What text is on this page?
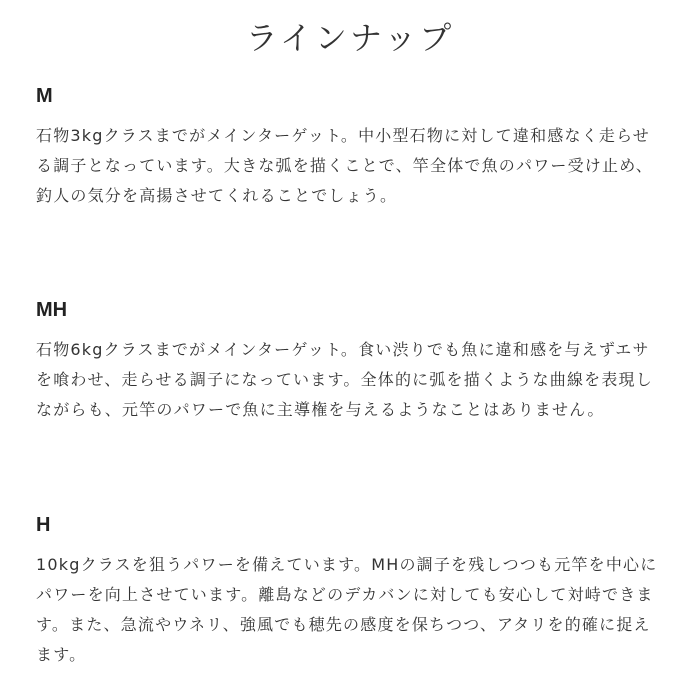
ラインナップ
M
石物3kgクラスまでがメインターゲット。中小型石物に対して違和感なく走らせ
る調子となっています。大きな弧を描くことで、竿全体で魚のパワー受け止め、
釣人の気分を高揚させてくれることでしょう。
MH
石物6kgクラスまでがメインターゲット。食い渋りでも魚に違和感を与えずエサ
を喰わせ、走らせる調子になっています。全体的に弧を描くような曲線を表現し
ながらも、元竿のパワーで魚に主導権を与えるようなことはありません。
H
10kgクラスを狙うパワーを備えています。MHの調子を残しつつも元竿を中心に
パワーを向上させています。離島などのデカバンに対しても安心して対峙できま
す。また、急流やウネリ、強風でも穂先の感度を保ちつつ、アタリを的確に捉え
ます。
